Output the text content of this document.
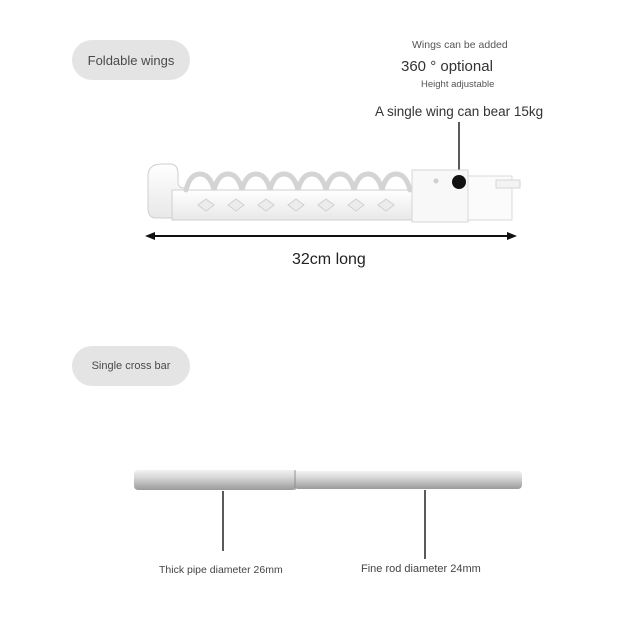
Foldable wings
Wings can be added
360 ° optional
Height adjustable
A single wing can bear 15kg
32cm long
Single cross bar
Thick pipe diameter 26mm	Fine rod diameter 24mm
